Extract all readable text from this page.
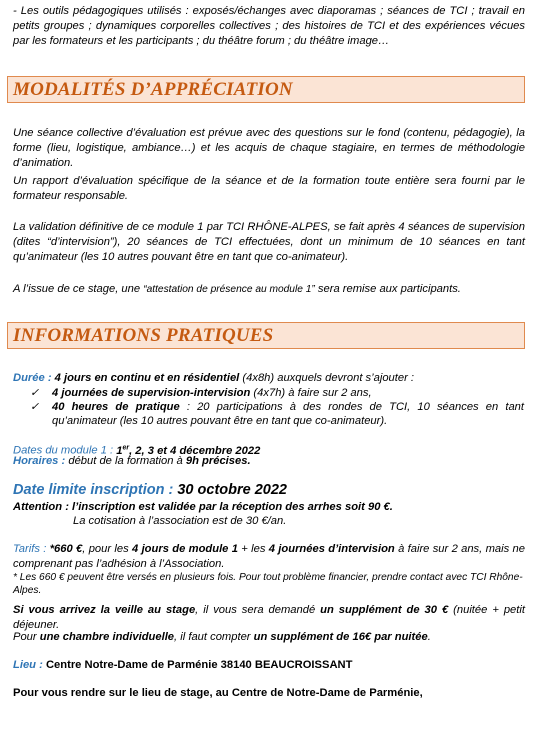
- Les outils pédagogiques utilisés : exposés/échanges avec diaporamas ; séances de TCI ; travail en petits groupes ; dynamiques corporelles collectives ; des histoires de TCI et des expériences vécues par les formateurs et les participants ; du théâtre forum ; du théâtre image…
MODALITÉS D’APPRÉCIATION
Une séance collective d’évaluation est prévue avec des questions sur le fond (contenu, pédagogie), la forme (lieu, logistique, ambiance…) et les acquis de chaque stagiaire, en termes de méthodologie d’animation.
Un rapport d’évaluation spécifique de la séance et de la formation toute entière sera fourni par le formateur responsable.
La validation définitive de ce module 1 par TCI RHÔNE-ALPES, se fait après 4 séances de supervision (dites “d’intervision”), 20 séances de TCI effectuées, dont un minimum de 10 séances en tant qu’animateur (les 10 autres pouvant être en tant que co-animateur).
A l’issue de ce stage, une “attestation de présence au module 1” sera remise aux participants.
INFORMATIONS PRATIQUES
Durée : 4 jours en continu et en résidentiel (4x8h) auxquels devront s’ajouter :
✓ 4 journées de supervision-intervision (4x7h) à faire sur 2 ans,
✓ 40 heures de pratique : 20 participations à des rondes de TCI, 10 séances en tant qu’animateur (les 10 autres pouvant être en tant que co-animateur).
Dates du module 1 : 1er, 2, 3 et 4 décembre 2022
Horaires : début de la formation à 9h précises.
Date limite inscription : 30 octobre 2022
Attention : l’inscription est validée par la réception des arrhes soit 90 €.
La cotisation à l’association est de 30 €/an.
Tarifs : *660 €, pour les 4 jours de module 1 + les 4 journées d’intervision à faire sur 2 ans, mais ne comprenant pas l’adhésion à l’Association.
* Les 660 € peuvent être versés en plusieurs fois. Pour tout problème financier, prendre contact avec TCI Rhône-Alpes.
Si vous arrivez la veille au stage, il vous sera demandé un supplément de 30 € (nuitée + petit déjeuner.
Pour une chambre individuelle, il faut compter un supplément de 16€ par nuitée.
Lieu : Centre Notre-Dame de Parménie 38140 BEAUCROISSANT
Pour vous rendre sur le lieu de stage, au Centre de Notre-Dame de Parménie,
